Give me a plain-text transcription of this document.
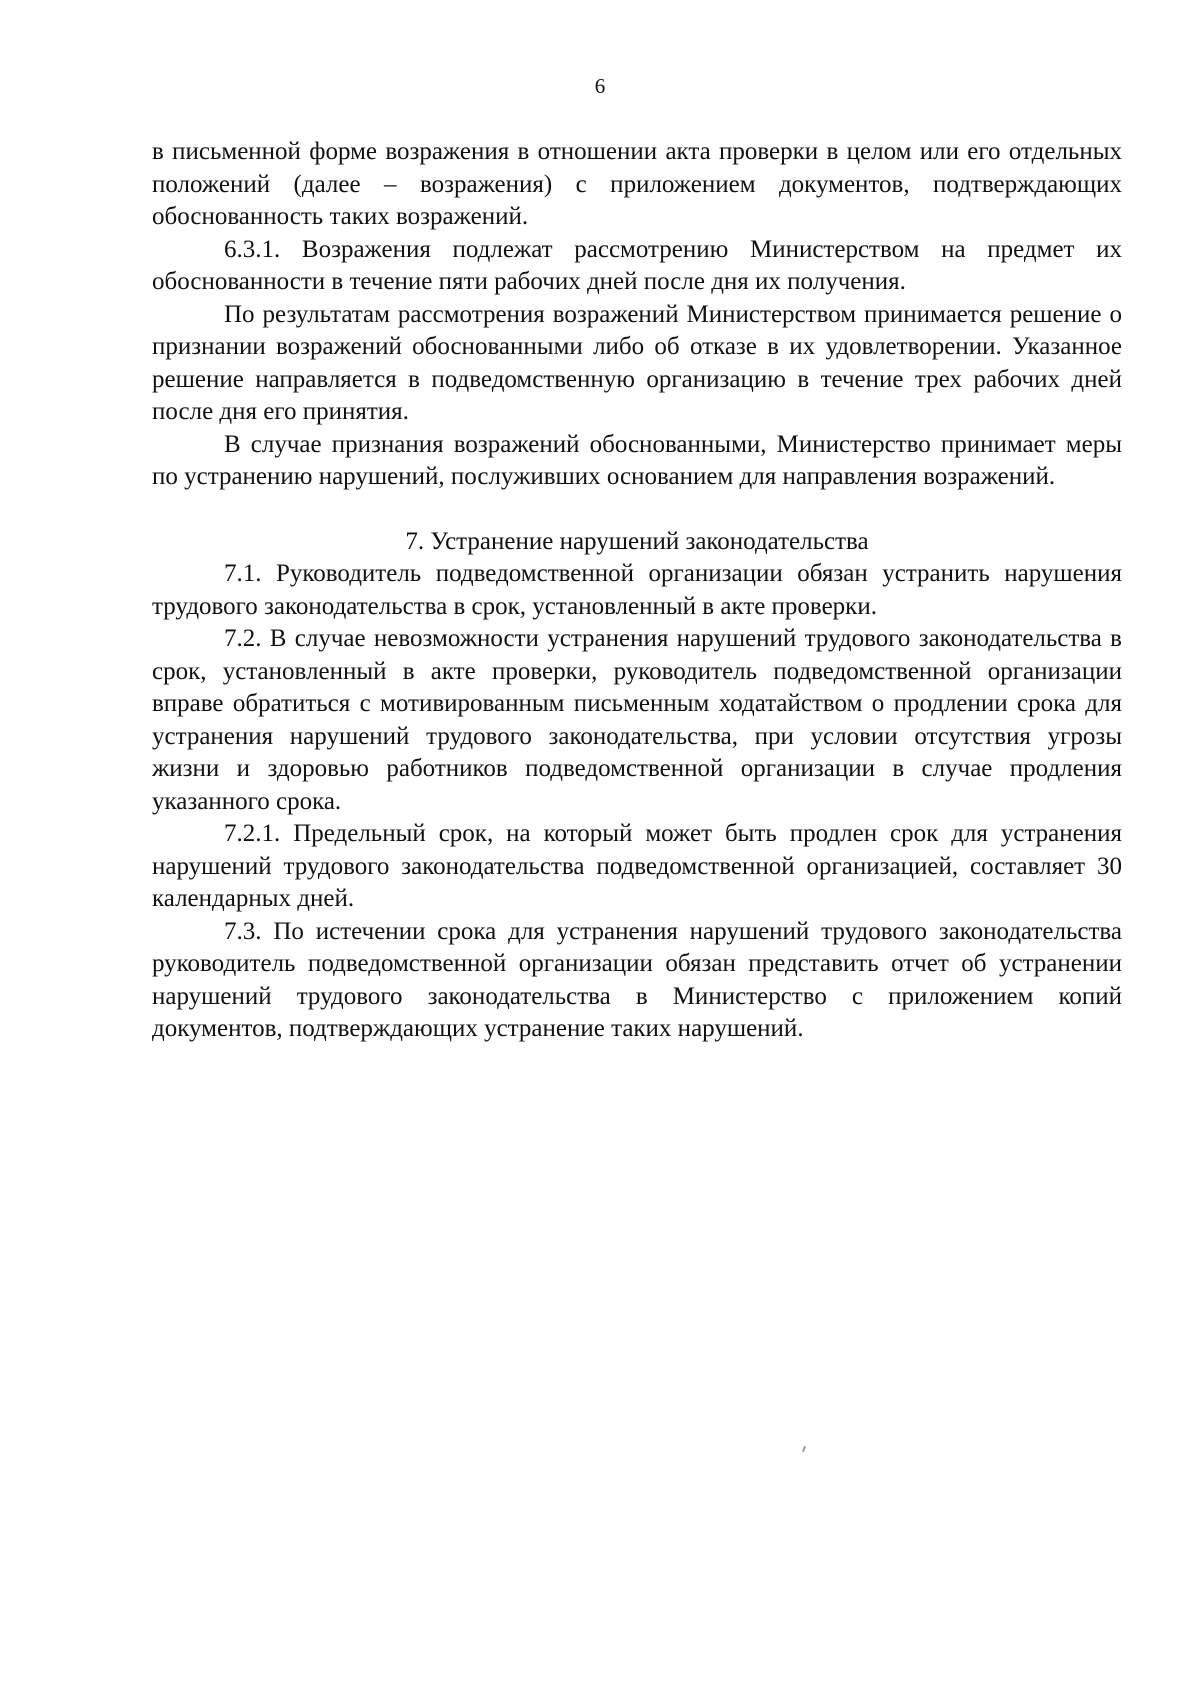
6

в письменной форме возражения в отношении акта проверки в целом или его отдельных положений (далее – возражения) с приложением документов, подтверждающих обоснованность таких возражений.

6.3.1. Возражения подлежат рассмотрению Министерством на предмет их обоснованности в течение пяти рабочих дней после дня их получения.

По результатам рассмотрения возражений Министерством принимается решение о признании возражений обоснованными либо об отказе в их удовлетворении. Указанное решение направляется в подведомственную организацию в течение трех рабочих дней после дня его принятия.

В случае признания возражений обоснованными, Министерство принимает меры по устранению нарушений, послуживших основанием для направления возражений.

7. Устранение нарушений законодательства

7.1. Руководитель подведомственной организации обязан устранить нарушения трудового законодательства в срок, установленный в акте проверки.

7.2. В случае невозможности устранения нарушений трудового законодательства в срок, установленный в акте проверки, руководитель подведомственной организации вправе обратиться с мотивированным письменным ходатайством о продлении срока для устранения нарушений трудового законодательства, при условии отсутствия угрозы жизни и здоровью работников подведомственной организации в случае продления указанного срока.

7.2.1. Предельный срок, на который может быть продлен срок для устранения нарушений трудового законодательства подведомственной организацией, составляет 30 календарных дней.

7.3. По истечении срока для устранения нарушений трудового законодательства руководитель подведомственной организации обязан представить отчет об устранении нарушений трудового законодательства в Министерство с приложением копий документов, подтверждающих устранение таких нарушений.
